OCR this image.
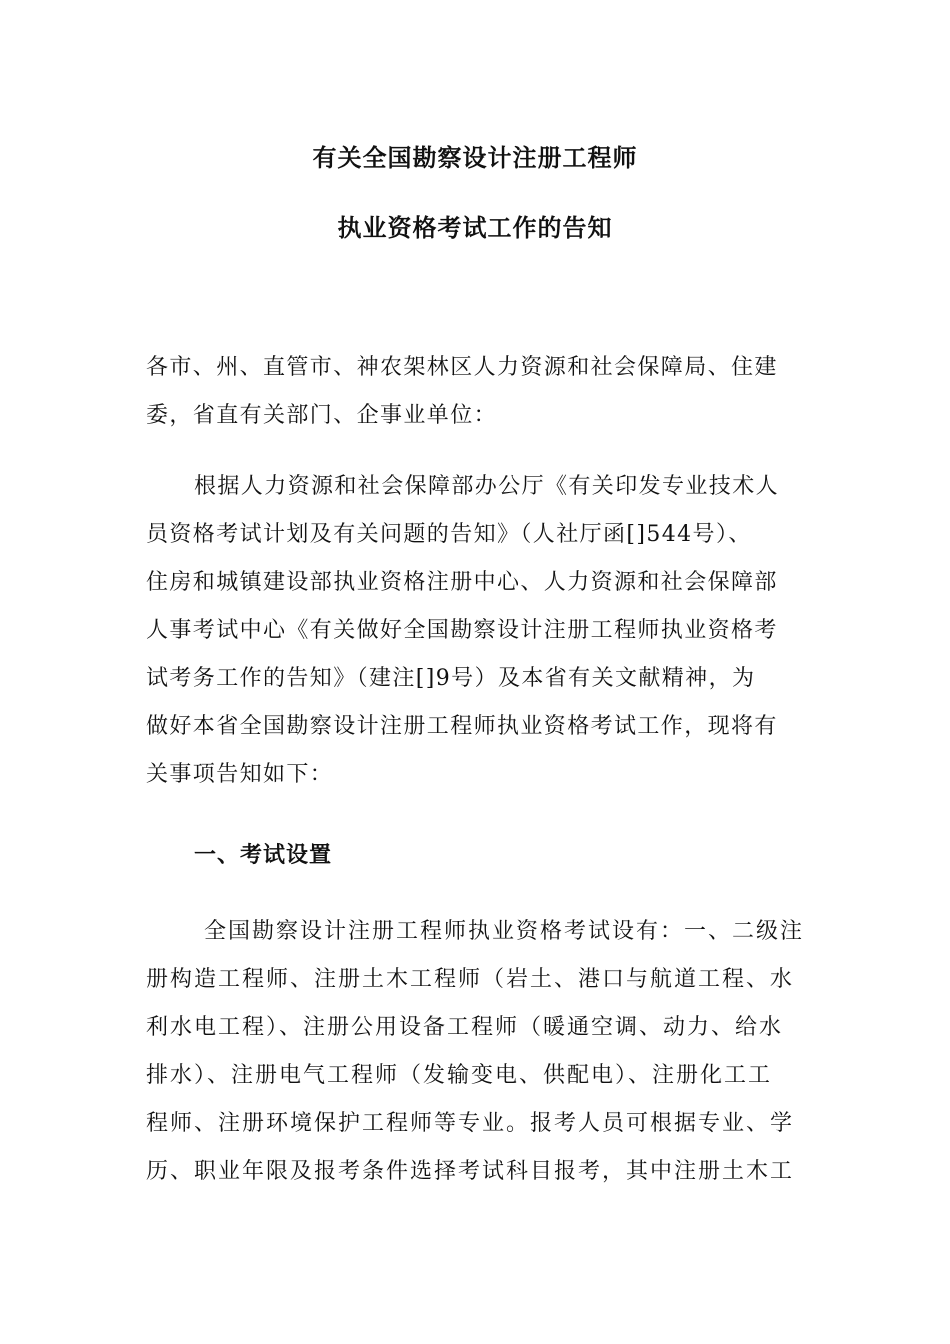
有关全国勘察设计注册工程师
执业资格考试工作的告知
各市、州、直管市、神农架林区人力资源和社会保障局、住建
委，省直有关部门、企事业单位：
根据人力资源和社会保障部办公厅《有关印发专业技术人
员资格考试计划及有关问题的告知》（人社厅函[]544号）、
住房和城镇建设部执业资格注册中心、人力资源和社会保障部
人事考试中心《有关做好全国勘察设计注册工程师执业资格考
试考务工作的告知》（建注[]9号）及本省有关文献精神，为
做好本省全国勘察设计注册工程师执业资格考试工作，现将有
关事项告知如下：
一、考试设置
全国勘察设计注册工程师执业资格考试设有：一、二级注
册构造工程师、注册土木工程师（岩土、港口与航道工程、水
利水电工程）、注册公用设备工程师（暖通空调、动力、给水
排水）、注册电气工程师（发输变电、供配电）、注册化工工
程师、注册环境保护工程师等专业。报考人员可根据专业、学
历、职业年限及报考条件选择考试科目报考，其中注册土木工
